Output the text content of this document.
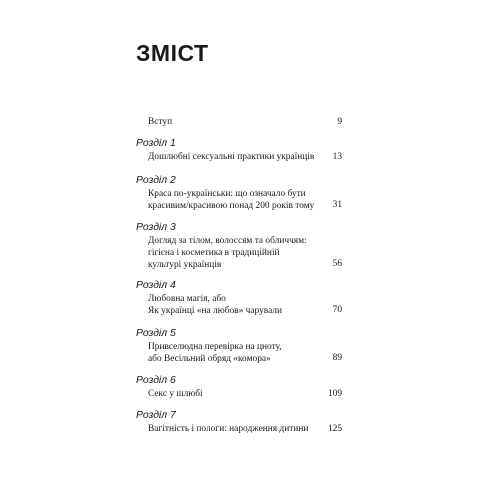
ЗМІСТ
Вступ	9
Розділ 1
Дошлюбні сексуальні практики українців	13
Розділ 2
Краса по-українськи: що означало бути
красивим/красивою понад 200 років тому	31
Розділ 3
Догляд за тілом, волоссям та обличчям:
гігієна і косметика в традиційній
культурі українців	56
Розділ 4
Любовна магія, або
Як українці «на любов» чарували	70
Розділ 5
Привселюдна перевірка на цноту,
або Весільний обряд «комора»	89
Розділ 6
Секс у шлюбі	109
Розділ 7
Вагітність і пологи: народження дитини	125
